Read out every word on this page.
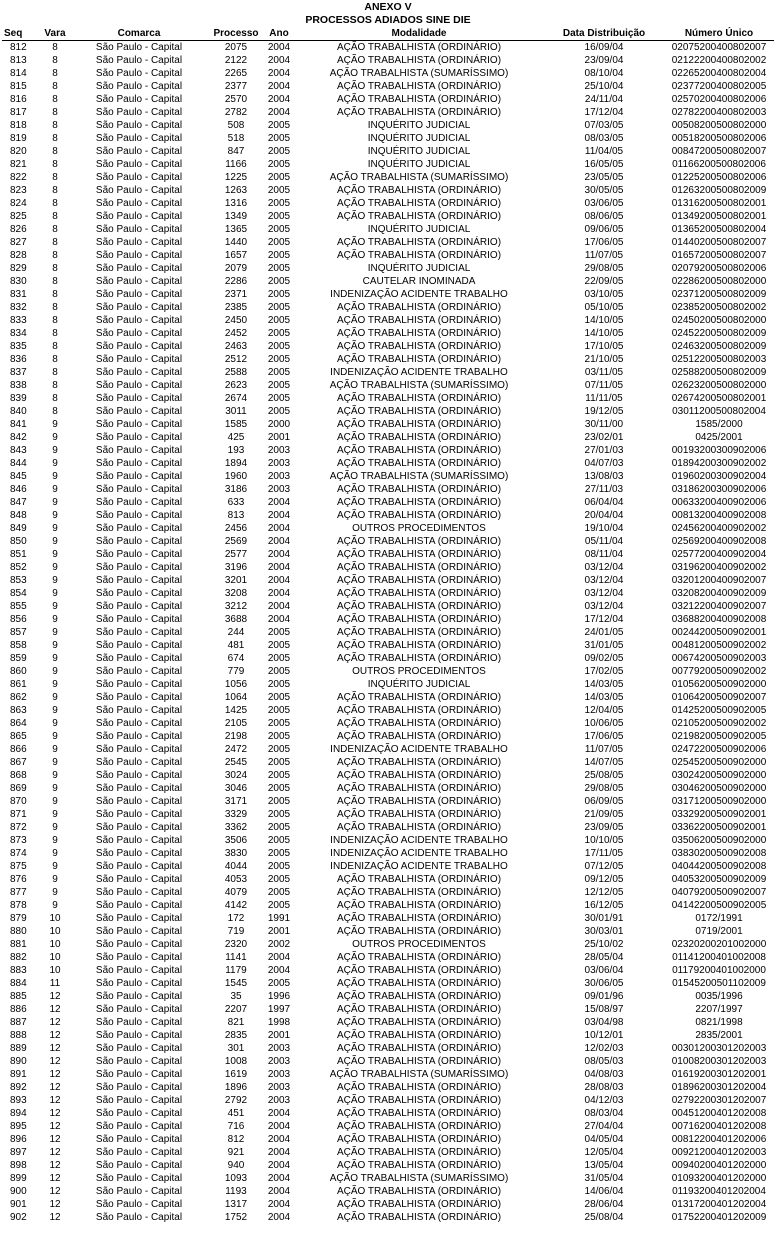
ANEXO V
PROCESSOS ADIADOS SINE DIE
Seq	Vara	Comarca	Processo	Ano	Modalidade	Data Distribuição	Número Único
812	8	São Paulo - Capital	2075	2004	AÇÃO TRABALHISTA (ORDINÁRIO)	16/09/04	02075200400802007
813	8	São Paulo - Capital	2122	2004	AÇÃO TRABALHISTA (ORDINÁRIO)	23/09/04	02122200400802002
814	8	São Paulo - Capital	2265	2004	AÇÃO TRABALHISTA (SUMARÍSSIMO)	08/10/04	02265200400802004
815	8	São Paulo - Capital	2377	2004	AÇÃO TRABALHISTA (ORDINÁRIO)	25/10/04	02377200400802005
816	8	São Paulo - Capital	2570	2004	AÇÃO TRABALHISTA (ORDINÁRIO)	24/11/04	02570200400802006
817	8	São Paulo - Capital	2782	2004	AÇÃO TRABALHISTA (ORDINÁRIO)	17/12/04	02782200400802003
818	8	São Paulo - Capital	508	2005	INQUÉRITO JUDICIAL	07/03/05	00508200500802000
819	8	São Paulo - Capital	518	2005	INQUÉRITO JUDICIAL	08/03/05	00518200500802006
820	8	São Paulo - Capital	847	2005	INQUÉRITO JUDICIAL	11/04/05	00847200500802007
821	8	São Paulo - Capital	1166	2005	INQUÉRITO JUDICIAL	16/05/05	01166200500802006
822	8	São Paulo - Capital	1225	2005	AÇÃO TRABALHISTA (SUMARÍSSIMO)	23/05/05	01225200500802006
823	8	São Paulo - Capital	1263	2005	AÇÃO TRABALHISTA (ORDINÁRIO)	30/05/05	01263200500802009
824	8	São Paulo - Capital	1316	2005	AÇÃO TRABALHISTA (ORDINÁRIO)	03/06/05	01316200500802001
825	8	São Paulo - Capital	1349	2005	AÇÃO TRABALHISTA (ORDINÁRIO)	08/06/05	01349200500802001
826	8	São Paulo - Capital	1365	2005	INQUÉRITO JUDICIAL	09/06/05	01365200500802004
827	8	São Paulo - Capital	1440	2005	AÇÃO TRABALHISTA (ORDINÁRIO)	17/06/05	01440200500802007
828	8	São Paulo - Capital	1657	2005	AÇÃO TRABALHISTA (ORDINÁRIO)	11/07/05	01657200500802007
829	8	São Paulo - Capital	2079	2005	INQUÉRITO JUDICIAL	29/08/05	02079200500802006
830	8	São Paulo - Capital	2286	2005	CAUTELAR INOMINADA	22/09/05	02286200500802000
831	8	São Paulo - Capital	2371	2005	INDENIZAÇÃO ACIDENTE TRABALHO	03/10/05	02371200500802009
832	8	São Paulo - Capital	2385	2005	AÇÃO TRABALHISTA (ORDINÁRIO)	05/10/05	02385200500802002
833	8	São Paulo - Capital	2450	2005	AÇÃO TRABALHISTA (ORDINÁRIO)	14/10/05	02450200500802000
834	8	São Paulo - Capital	2452	2005	AÇÃO TRABALHISTA (ORDINÁRIO)	14/10/05	02452200500802009
835	8	São Paulo - Capital	2463	2005	AÇÃO TRABALHISTA (ORDINÁRIO)	17/10/05	02463200500802009
836	8	São Paulo - Capital	2512	2005	AÇÃO TRABALHISTA (ORDINÁRIO)	21/10/05	02512200500802003
837	8	São Paulo - Capital	2588	2005	INDENIZAÇÃO ACIDENTE TRABALHO	03/11/05	02588200500802009
838	8	São Paulo - Capital	2623	2005	AÇÃO TRABALHISTA (SUMARÍSSIMO)	07/11/05	02623200500802000
839	8	São Paulo - Capital	2674	2005	AÇÃO TRABALHISTA (ORDINÁRIO)	11/11/05	02674200500802001
840	8	São Paulo - Capital	3011	2005	AÇÃO TRABALHISTA (ORDINÁRIO)	19/12/05	03011200500802004
841	9	São Paulo - Capital	1585	2000	AÇÃO TRABALHISTA (ORDINÁRIO)	30/11/00	1585/2000
842	9	São Paulo - Capital	425	2001	AÇÃO TRABALHISTA (ORDINÁRIO)	23/02/01	0425/2001
843	9	São Paulo - Capital	193	2003	AÇÃO TRABALHISTA (ORDINÁRIO)	27/01/03	00193200300902006
844	9	São Paulo - Capital	1894	2003	AÇÃO TRABALHISTA (ORDINÁRIO)	04/07/03	01894200300902002
845	9	São Paulo - Capital	1960	2003	AÇÃO TRABALHISTA (SUMARÍSSIMO)	13/08/03	01960200300902004
846	9	São Paulo - Capital	3186	2003	AÇÃO TRABALHISTA (ORDINÁRIO)	27/11/03	03186200300902006
847	9	São Paulo - Capital	633	2004	AÇÃO TRABALHISTA (ORDINÁRIO)	06/04/04	00633200400902006
848	9	São Paulo - Capital	813	2004	AÇÃO TRABALHISTA (ORDINÁRIO)	20/04/04	00813200400902008
849	9	São Paulo - Capital	2456	2004	OUTROS PROCEDIMENTOS	19/10/04	02456200400902002
850	9	São Paulo - Capital	2569	2004	AÇÃO TRABALHISTA (ORDINÁRIO)	05/11/04	02569200400902008
851	9	São Paulo - Capital	2577	2004	AÇÃO TRABALHISTA (ORDINÁRIO)	08/11/04	02577200400902004
852	9	São Paulo - Capital	3196	2004	AÇÃO TRABALHISTA (ORDINÁRIO)	03/12/04	03196200400902002
853	9	São Paulo - Capital	3201	2004	AÇÃO TRABALHISTA (ORDINÁRIO)	03/12/04	03201200400902007
854	9	São Paulo - Capital	3208	2004	AÇÃO TRABALHISTA (ORDINÁRIO)	03/12/04	03208200400902009
855	9	São Paulo - Capital	3212	2004	AÇÃO TRABALHISTA (ORDINÁRIO)	03/12/04	03212200400902007
856	9	São Paulo - Capital	3688	2004	AÇÃO TRABALHISTA (ORDINÁRIO)	17/12/04	03688200400902008
857	9	São Paulo - Capital	244	2005	AÇÃO TRABALHISTA (ORDINÁRIO)	24/01/05	00244200500902001
858	9	São Paulo - Capital	481	2005	AÇÃO TRABALHISTA (ORDINÁRIO)	31/01/05	00481200500902002
859	9	São Paulo - Capital	674	2005	AÇÃO TRABALHISTA (ORDINÁRIO)	09/02/05	00674200500902003
860	9	São Paulo - Capital	779	2005	OUTROS PROCEDIMENTOS	17/02/05	00779200500902002
861	9	São Paulo - Capital	1056	2005	INQUÉRITO JUDICIAL	14/03/05	01056200500902000
862	9	São Paulo - Capital	1064	2005	AÇÃO TRABALHISTA (ORDINÁRIO)	14/03/05	01064200500902007
863	9	São Paulo - Capital	1425	2005	AÇÃO TRABALHISTA (ORDINÁRIO)	12/04/05	01425200500902005
864	9	São Paulo - Capital	2105	2005	AÇÃO TRABALHISTA (ORDINÁRIO)	10/06/05	02105200500902002
865	9	São Paulo - Capital	2198	2005	AÇÃO TRABALHISTA (ORDINÁRIO)	17/06/05	02198200500902005
866	9	São Paulo - Capital	2472	2005	INDENIZAÇÃO ACIDENTE TRABALHO	11/07/05	02472200500902006
867	9	São Paulo - Capital	2545	2005	AÇÃO TRABALHISTA (ORDINÁRIO)	14/07/05	02545200500902000
868	9	São Paulo - Capital	3024	2005	AÇÃO TRABALHISTA (ORDINÁRIO)	25/08/05	03024200500902000
869	9	São Paulo - Capital	3046	2005	AÇÃO TRABALHISTA (ORDINÁRIO)	29/08/05	03046200500902000
870	9	São Paulo - Capital	3171	2005	AÇÃO TRABALHISTA (ORDINÁRIO)	06/09/05	03171200500902000
871	9	São Paulo - Capital	3329	2005	AÇÃO TRABALHISTA (ORDINÁRIO)	21/09/05	03329200500902001
872	9	São Paulo - Capital	3362	2005	AÇÃO TRABALHISTA (ORDINÁRIO)	23/09/05	03362200500902001
873	9	São Paulo - Capital	3506	2005	INDENIZAÇÃO ACIDENTE TRABALHO	10/10/05	03506200500902000
874	9	São Paulo - Capital	3830	2005	INDENIZAÇÃO ACIDENTE TRABALHO	17/11/05	03830200500902008
875	9	São Paulo - Capital	4044	2005	INDENIZAÇÃO ACIDENTE TRABALHO	07/12/05	04044200500902008
876	9	São Paulo - Capital	4053	2005	AÇÃO TRABALHISTA (ORDINÁRIO)	09/12/05	04053200500902009
877	9	São Paulo - Capital	4079	2005	AÇÃO TRABALHISTA (ORDINÁRIO)	12/12/05	04079200500902007
878	9	São Paulo - Capital	4142	2005	AÇÃO TRABALHISTA (ORDINÁRIO)	16/12/05	04142200500902005
879	10	São Paulo - Capital	172	1991	AÇÃO TRABALHISTA (ORDINÁRIO)	30/01/91	0172/1991
880	10	São Paulo - Capital	719	2001	AÇÃO TRABALHISTA (ORDINÁRIO)	30/03/01	0719/2001
881	10	São Paulo - Capital	2320	2002	OUTROS PROCEDIMENTOS	25/10/02	02320200201002000
882	10	São Paulo - Capital	1141	2004	AÇÃO TRABALHISTA (ORDINÁRIO)	28/05/04	01141200401002008
883	10	São Paulo - Capital	1179	2004	AÇÃO TRABALHISTA (ORDINÁRIO)	03/06/04	01179200401002000
884	11	São Paulo - Capital	1545	2005	AÇÃO TRABALHISTA (ORDINÁRIO)	30/06/05	01545200501102009
885	12	São Paulo - Capital	35	1996	AÇÃO TRABALHISTA (ORDINÁRIO)	09/01/96	0035/1996
886	12	São Paulo - Capital	2207	1997	AÇÃO TRABALHISTA (ORDINÁRIO)	15/08/97	2207/1997
887	12	São Paulo - Capital	821	1998	AÇÃO TRABALHISTA (ORDINÁRIO)	03/04/98	0821/1998
888	12	São Paulo - Capital	2835	2001	AÇÃO TRABALHISTA (ORDINÁRIO)	10/12/01	2835/2001
889	12	São Paulo - Capital	301	2003	AÇÃO TRABALHISTA (ORDINÁRIO)	12/02/03	00301200301202003
890	12	São Paulo - Capital	1008	2003	AÇÃO TRABALHISTA (ORDINÁRIO)	08/05/03	01008200301202003
891	12	São Paulo - Capital	1619	2003	AÇÃO TRABALHISTA (SUMARÍSSIMO)	04/08/03	01619200301202001
892	12	São Paulo - Capital	1896	2003	AÇÃO TRABALHISTA (ORDINÁRIO)	28/08/03	01896200301202004
893	12	São Paulo - Capital	2792	2003	AÇÃO TRABALHISTA (ORDINÁRIO)	04/12/03	02792200301202007
894	12	São Paulo - Capital	451	2004	AÇÃO TRABALHISTA (ORDINÁRIO)	08/03/04	00451200401202008
895	12	São Paulo - Capital	716	2004	AÇÃO TRABALHISTA (ORDINÁRIO)	27/04/04	00716200401202008
896	12	São Paulo - Capital	812	2004	AÇÃO TRABALHISTA (ORDINÁRIO)	04/05/04	00812200401202006
897	12	São Paulo - Capital	921	2004	AÇÃO TRABALHISTA (ORDINÁRIO)	12/05/04	00921200401202003
898	12	São Paulo - Capital	940	2004	AÇÃO TRABALHISTA (ORDINÁRIO)	13/05/04	00940200401202000
899	12	São Paulo - Capital	1093	2004	AÇÃO TRABALHISTA (SUMARÍSSIMO)	31/05/04	01093200401202000
900	12	São Paulo - Capital	1193	2004	AÇÃO TRABALHISTA (ORDINÁRIO)	14/06/04	01193200401202004
901	12	São Paulo - Capital	1317	2004	AÇÃO TRABALHISTA (ORDINÁRIO)	28/06/04	01317200401202004
902	12	São Paulo - Capital	1752	2004	AÇÃO TRABALHISTA (ORDINÁRIO)	25/08/04	01752200401202009
